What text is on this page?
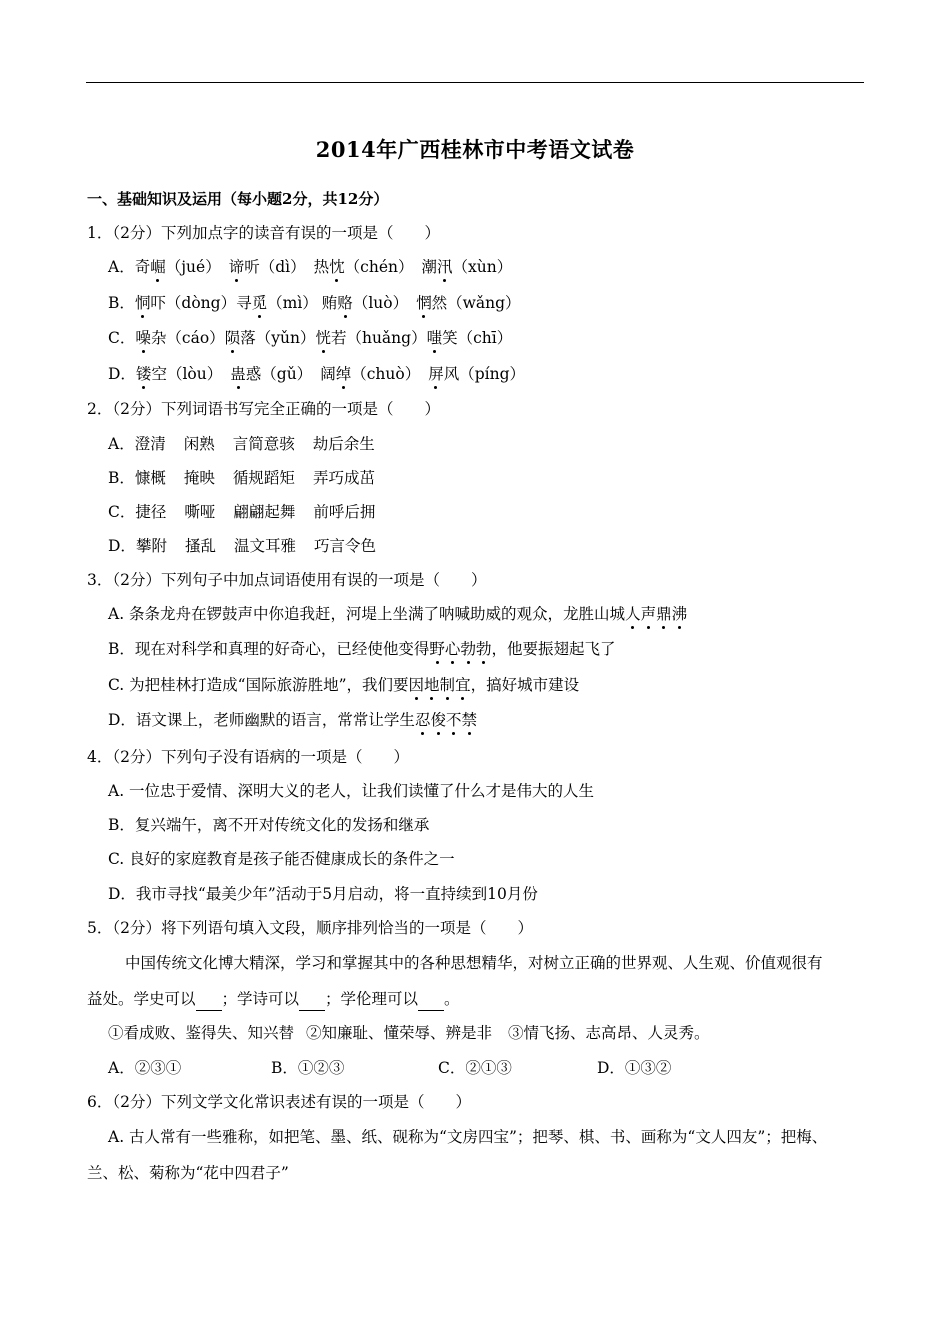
2014年广西桂林市中考语文试卷
一、基础知识及运用（每小题2分，共12分）
1．（2分）下列加点字的读音有误的一项是（　　）
A．奇崛（jué） 谛听（dì） 热忱（chén） 潮汛（xùn）
B．恫吓（dòng）寻觅（mì） 贿赂（luò） 惘然（wǎng）
C．噪杂（cáo）陨落（yǔn）恍若（huǎng）嗤笑（chī）
D．镂空（lòu） 蛊惑（gǔ） 阔绰（chuò） 屏风（píng）
2．（2分）下列词语书写完全正确的一项是（　　）
A．澄清 闲熟 言简意骇 劫后余生
B．慷概 掩映 循规蹈矩 弄巧成茁
C．捷径 嘶哑 翩翩起舞 前呼后拥
D．攀附 搔乱 温文耳雅 巧言令色
3．（2分）下列句子中加点词语使用有误的一项是（　　）
A. 条条龙舟在锣鼓声中你追我赶，河堤上坐满了呐喊助威的观众，龙胜山城人声鼎沸
B．现在对科学和真理的好奇心，已经使他变得野心勃勃，他要振翅起飞了
C. 为把桂林打造成“国际旅游胜地”，我们要因地制宜，搞好城市建设
D．语文课上，老师幽默的语言，常常让学生忍俊不禁
4．（2分）下列句子没有语病的一项是（　　）
A. 一位忠于爱情、深明大义的老人，让我们读懂了什么才是伟大的人生
B．复兴端午，离不开对传统文化的发扬和继承
C. 良好的家庭教育是孩子能否健康成长的条件之一
D．我市寻找“最美少年”活动于5月启动，将一直持续到10月份
5．（2分）将下列语句填入文段，顺序排列恰当的一项是（　　）
中国传统文化博大精深，学习和掌握其中的各种思想精华，对树立正确的世界观、人生观、价值观很有
益处。学史可以 ；学诗可以 ；学伦理可以 。
①看成败、鉴得失、知兴替 ②知廉耻、懂荣辱、辨是非 ③情飞扬、志高昂、人灵秀。
A．②③①	B．①②③	C．②①③	D．①③②
6．（2分）下列文学文化常识表述有误的一项是（　　）
A. 古人常有一些雅称，如把笔、墨、纸、砚称为“文房四宝”；把琴、棋、书、画称为“文人四友”；把梅、
兰、松、菊称为“花中四君子”
